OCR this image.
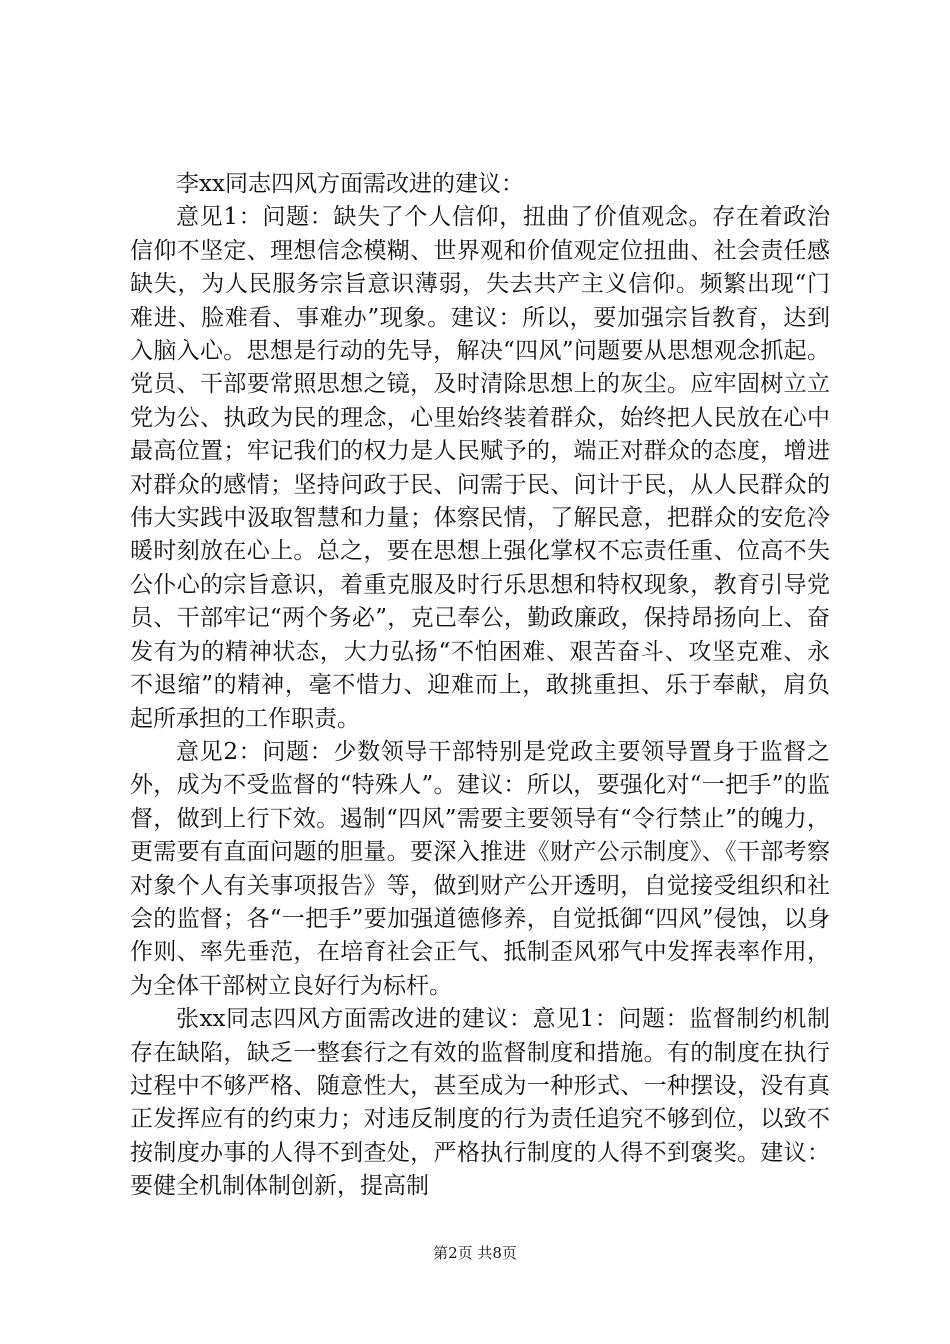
李xx同志四风方面需改进的建议：

意见1：问题：缺失了个人信仰，扭曲了价值观念。存在着政治信仰不坚定、理想信念模糊、世界观和价值观定位扭曲、社会责任感缺失，为人民服务宗旨意识薄弱，失去共产主义信仰。频繁出现“门难进、脸难看、事难办”现象。建议：所以，要加强宗旨教育，达到入脑入心。思想是行动的先导，解决“四风”问题要从思想观念抓起。党员、干部要常照思想之镜，及时清除思想上的灰尘。应牢固树立立党为公、执政为民的理念，心里始终装着群众，始终把人民放在心中最高位置；牢记我们的权力是人民赋予的，端正对群众的态度，增进对群众的感情；坚持问政于民、问需于民、问计于民，从人民群众的伟大实践中汲取智慧和力量；体察民情，了解民意，把群众的安危冷暖时刻放在心上。总之，要在思想上强化掌权不忘责任重、位高不失公仆心的宗旨意识，着重克服及时行乐思想和特权现象，教育引导党员、干部牢记“两个务必”，克己奉公，勤政廉政，保持昂扬向上、奋发有为的精神状态，大力弘扬“不怕困难、艰苦奋斗、攻坚克难、永不退缩”的精神，毫不惜力、迎难而上，敢挑重担、乐于奉献，肩负起所承担的工作职责。

意见2：问题：少数领导干部特别是党政主要领导置身于监督之外，成为不受监督的“特殊人”。建议：所以，要强化对“一把手”的监督，做到上行下效。遏制“四风”需要主要领导有“令行禁止”的魄力，更需要有直面问题的胆量。要深入推进《财产公示制度》、《干部考察对象个人有关事项报告》等，做到财产公开透明，自觉接受组织和社会的监督；各“一把手”要加强道德修养，自觉抵御“四风”侵蚀，以身作则、率先垂范，在培育社会正气、抵制歪风邪气中发挥表率作用，为全体干部树立良好行为标杆。

张xx同志四风方面需改进的建议：意见1：问题：监督制约机制存在缺陷，缺乏一整套行之有效的监督制度和措施。有的制度在执行过程中不够严格、随意性大，甚至成为一种形式、一种摆设，没有真正发挥应有的约束力；对违反制度的行为责任追究不够到位，以致不按制度办事的人得不到查处，严格执行制度的人得不到褒奖。建议：要健全机制体制创新，提高制

第2页 共8页
